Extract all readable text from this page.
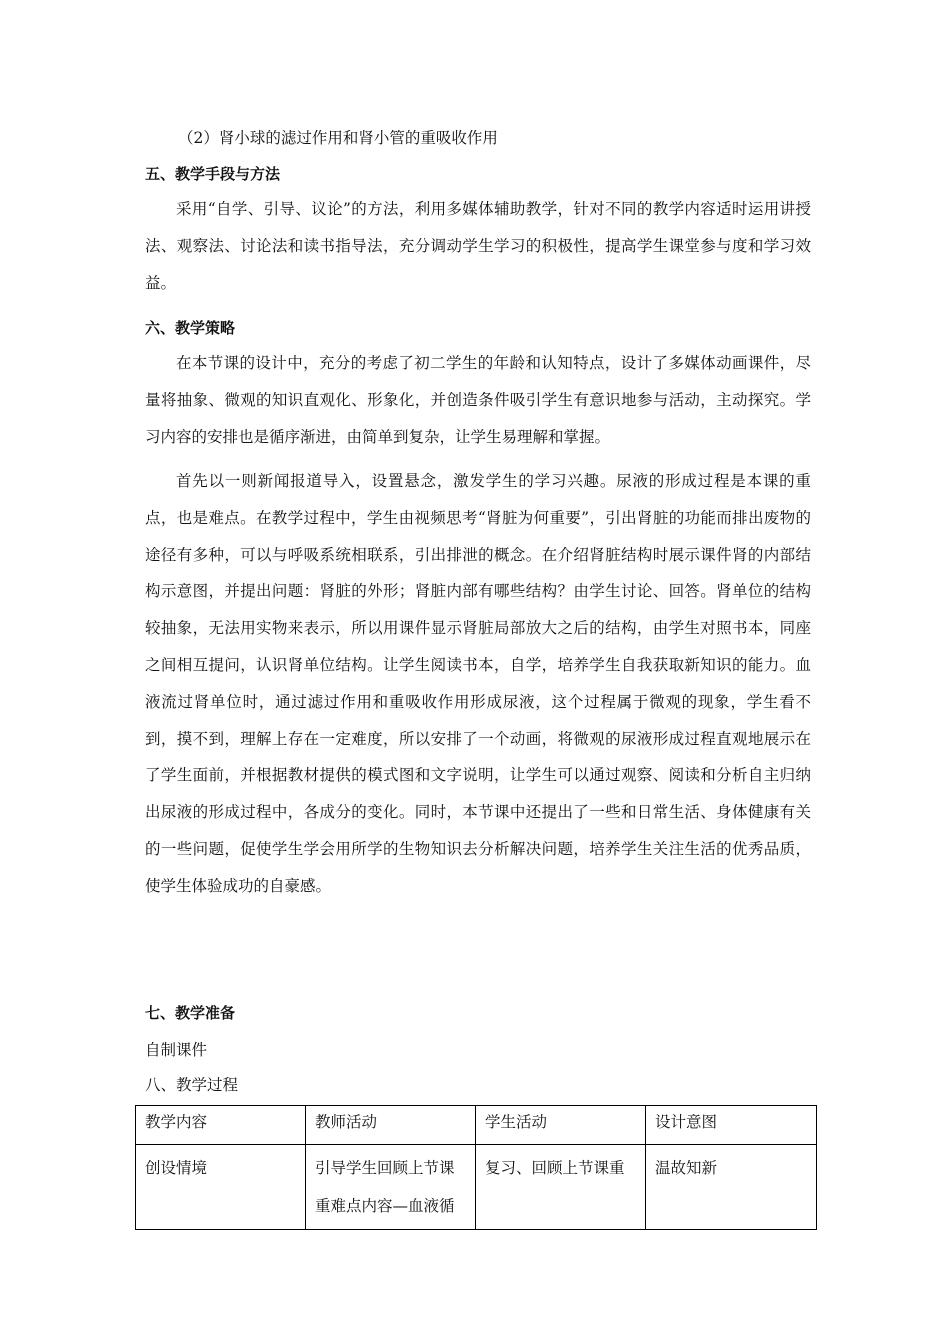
（2）肾小球的滤过作用和肾小管的重吸收作用
五、教学手段与方法
采用“自学、引导、议论”的方法，利用多媒体辅助教学，针对不同的教学内容适时运用讲授法、观察法、讨论法和读书指导法，充分调动学生学习的积极性，提高学生课堂参与度和学习效益。
六、教学策略
在本节课的设计中，充分的考虑了初二学生的年龄和认知特点，设计了多媒体动画课件，尽量将抽象、微观的知识直观化、形象化，并创造条件吸引学生有意识地参与活动，主动探究。学习内容的安排也是循序渐进，由简单到复杂，让学生易理解和掌握。
首先以一则新闻报道导入，设置悬念，激发学生的学习兴趣。尿液的形成过程是本课的重点，也是难点。在教学过程中，学生由视频思考“肾脏为何重要”，引出肾脏的功能而排出废物的途径有多种，可以与呼吸系统相联系，引出排泄的概念。在介绍肾脏结构时展示课件肾的内部结构示意图，并提出问题：肾脏的外形；肾脏内部有哪些结构？由学生讨论、回答。肾单位的结构较抽象，无法用实物来表示，所以用课件显示肾脏局部放大之后的结构，由学生对照书本，同座之间相互提问，认识肾单位结构。让学生阅读书本，自学，培养学生自我获取新知识的能力。血液流过肾单位时，通过滤过作用和重吸收作用形成尿液，这个过程属于微观的现象，学生看不到，摸不到，理解上存在一定难度，所以安排了一个动画，将微观的尿液形成过程直观地展示在了学生面前，并根据教材提供的模式图和文字说明，让学生可以通过观察、阅读和分析自主归纳出尿液的形成过程中，各成分的变化。同时，本节课中还提出了一些和日常生活、身体健康有关的一些问题，促使学生学会用所学的生物知识去分析解决问题，培养学生关注生活的优秀品质，使学生体验成功的自豪感。
七、教学准备
自制课件
八、教学过程
教学内容	教师活动	学生活动	设计意图
创设情境	引导学生回顾上节课重难点内容—血液循	复习、回顾上节课重	温故知新
